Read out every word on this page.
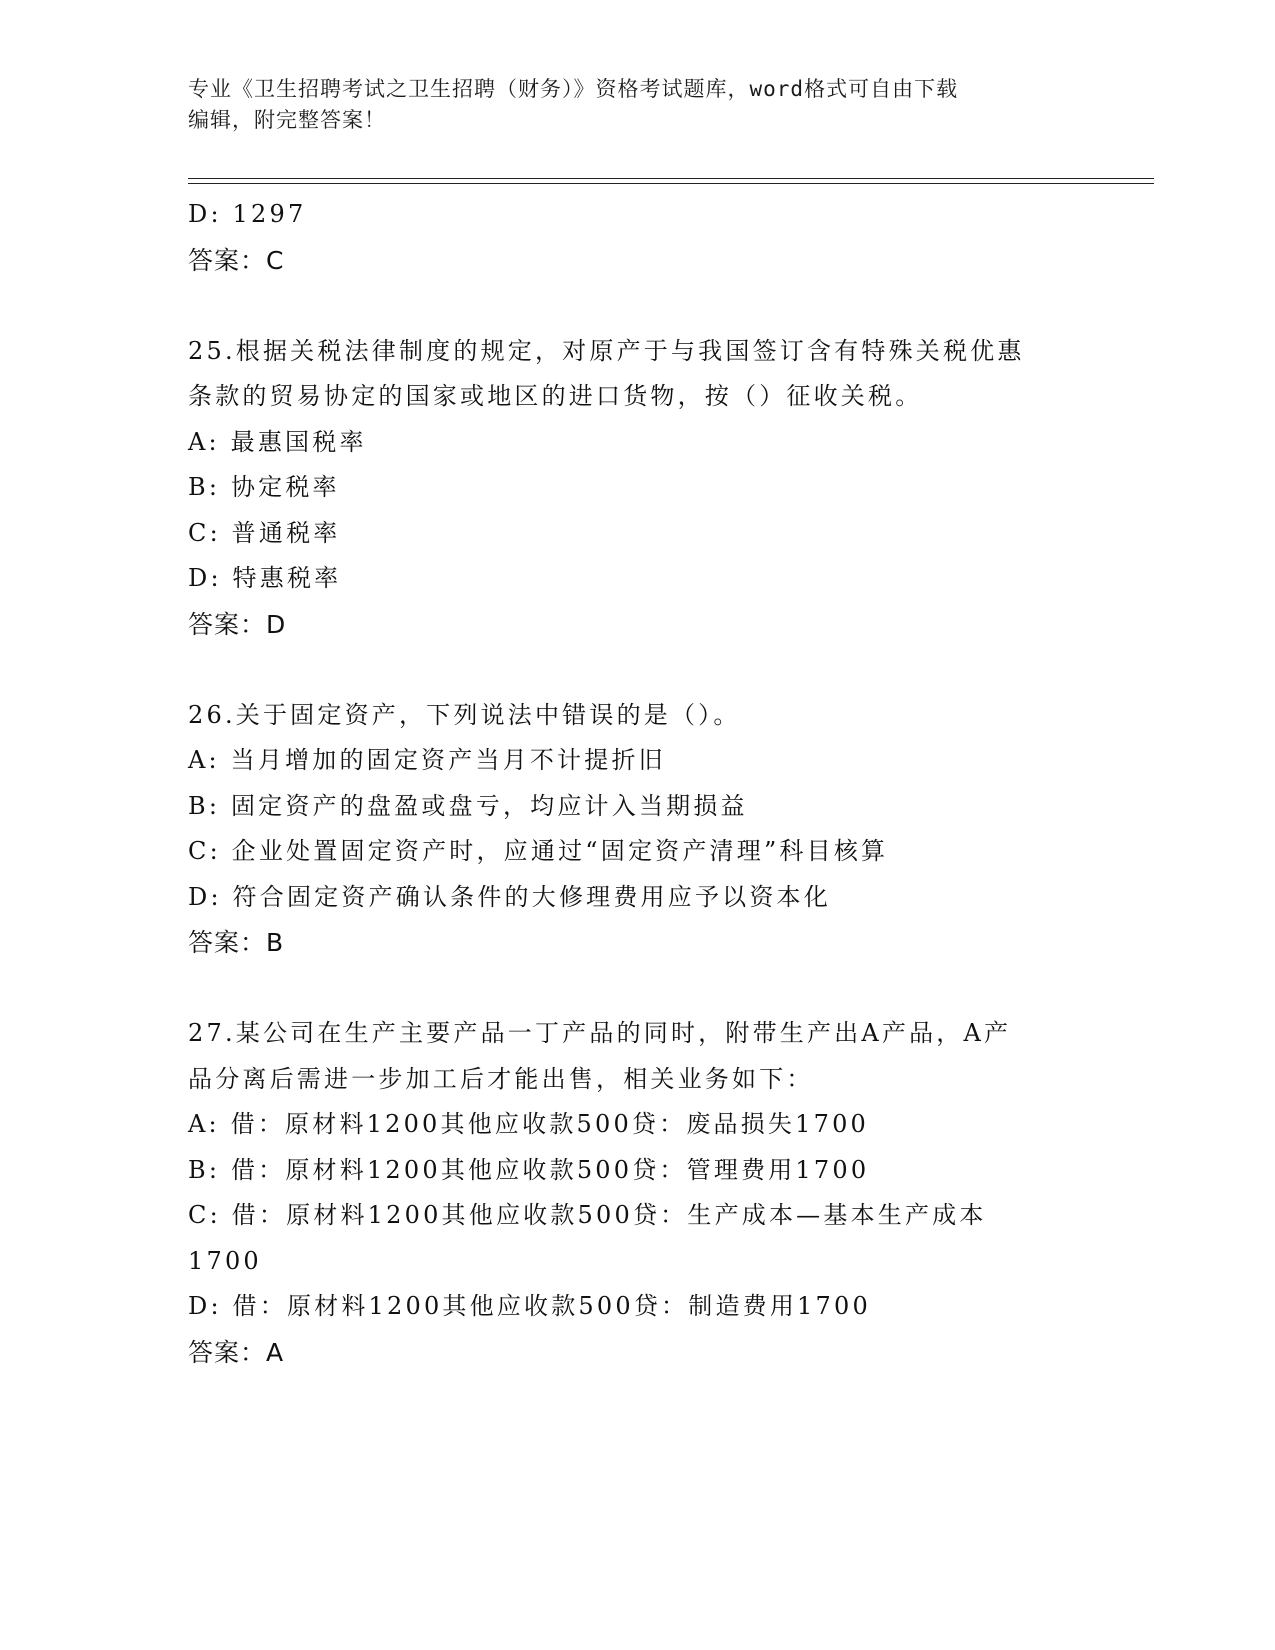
专业《卫生招聘考试之卫生招聘（财务）》资格考试题库，word格式可自由下载
编辑，附完整答案！
D: 1297
答案：C
25.根据关税法律制度的规定，对原产于与我国签订含有特殊关税优惠
条款的贸易协定的国家或地区的进口货物，按（）征收关税。
A: 最惠国税率
B: 协定税率
C: 普通税率
D: 特惠税率
答案：D
26.关于固定资产，下列说法中错误的是（）。
A: 当月增加的固定资产当月不计提折旧
B: 固定资产的盘盈或盘亏，均应计入当期损益
C: 企业处置固定资产时，应通过“固定资产清理”科目核算
D: 符合固定资产确认条件的大修理费用应予以资本化
答案：B
27.某公司在生产主要产品一丁产品的同时，附带生产出A产品，A产
品分离后需进一步加工后才能出售，相关业务如下：
A: 借：原材料1200其他应收款500贷：废品损失1700
B: 借：原材料1200其他应收款500贷：管理费用1700
C: 借：原材料1200其他应收款500贷：生产成本—基本生产成本
1700
D: 借：原材料1200其他应收款500贷：制造费用1700
答案：A
